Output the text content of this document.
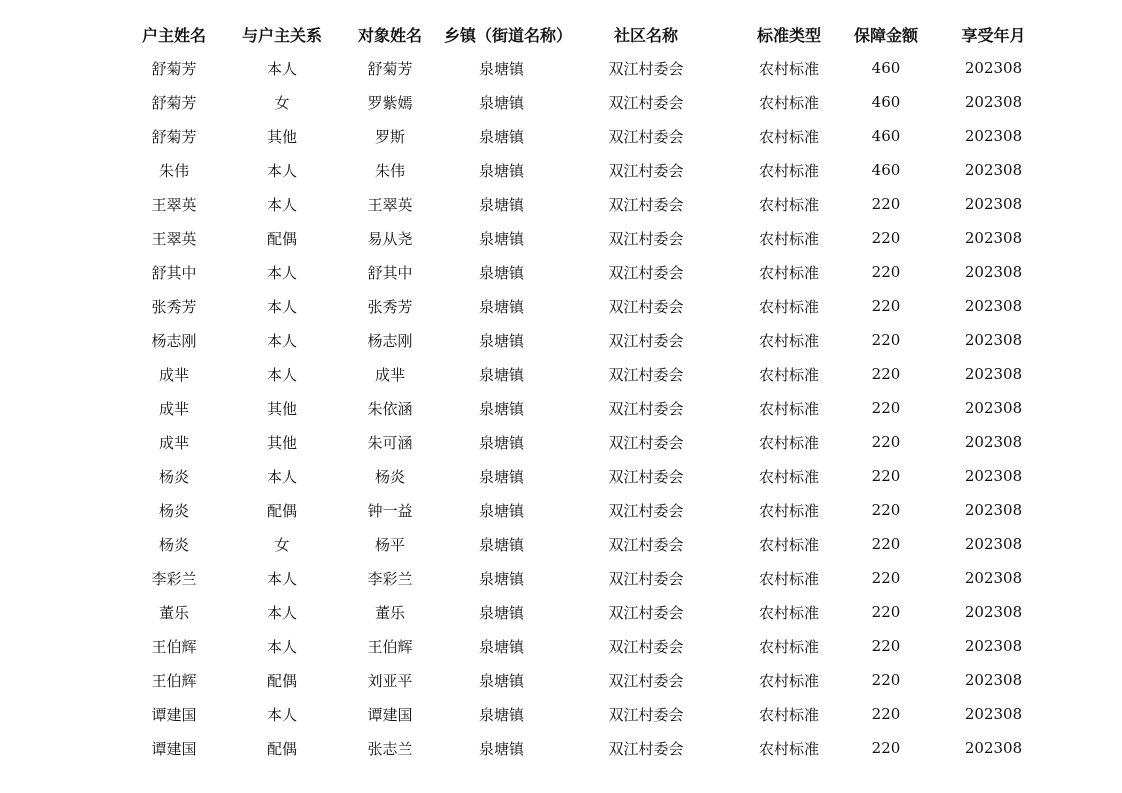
户主姓名	与户主关系	对象姓名	乡镇（街道名称）	社区名称	标准类型	保障金额	享受年月
舒菊芳	本人	舒菊芳	泉塘镇	双江村委会	农村标准	460	202308
舒菊芳	女	罗紫嫣	泉塘镇	双江村委会	农村标准	460	202308
舒菊芳	其他	罗斯	泉塘镇	双江村委会	农村标准	460	202308
朱伟	本人	朱伟	泉塘镇	双江村委会	农村标准	460	202308
王翠英	本人	王翠英	泉塘镇	双江村委会	农村标准	220	202308
王翠英	配偶	易从尧	泉塘镇	双江村委会	农村标准	220	202308
舒其中	本人	舒其中	泉塘镇	双江村委会	农村标准	220	202308
张秀芳	本人	张秀芳	泉塘镇	双江村委会	农村标准	220	202308
杨志刚	本人	杨志刚	泉塘镇	双江村委会	农村标准	220	202308
成芈	本人	成芈	泉塘镇	双江村委会	农村标准	220	202308
成芈	其他	朱依涵	泉塘镇	双江村委会	农村标准	220	202308
成芈	其他	朱可涵	泉塘镇	双江村委会	农村标准	220	202308
杨炎	本人	杨炎	泉塘镇	双江村委会	农村标准	220	202308
杨炎	配偶	钟一益	泉塘镇	双江村委会	农村标准	220	202308
杨炎	女	杨平	泉塘镇	双江村委会	农村标准	220	202308
李彩兰	本人	李彩兰	泉塘镇	双江村委会	农村标准	220	202308
董乐	本人	董乐	泉塘镇	双江村委会	农村标准	220	202308
王伯辉	本人	王伯辉	泉塘镇	双江村委会	农村标准	220	202308
王伯辉	配偶	刘亚平	泉塘镇	双江村委会	农村标准	220	202308
谭建国	本人	谭建国	泉塘镇	双江村委会	农村标准	220	202308
谭建国	配偶	张志兰	泉塘镇	双江村委会	农村标准	220	202308
